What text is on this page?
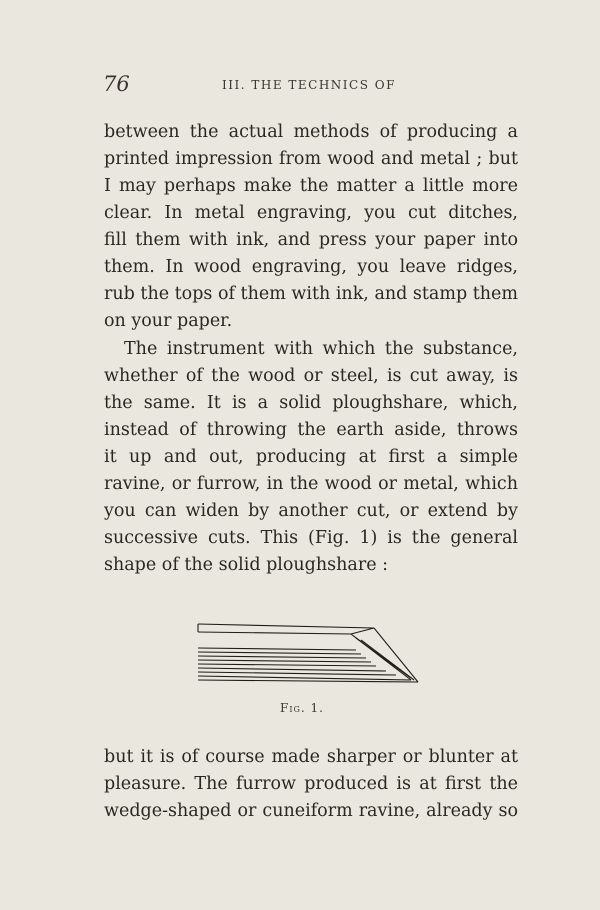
76	III. THE TECHNICS OF
between the actual methods of producing a
printed impression from wood and metal ; but
I may perhaps make the matter a little more
clear. In metal engraving, you cut ditches,
fill them with ink, and press your paper into
them. In wood engraving, you leave ridges,
rub the tops of them with ink, and stamp them
on your paper.
The instrument with which the substance,
whether of the wood or steel, is cut away, is
the same. It is a solid ploughshare, which,
instead of throwing the earth aside, throws
it up and out, producing at first a simple
ravine, or furrow, in the wood or metal, which
you can widen by another cut, or extend by
successive cuts. This (Fig. 1) is the general
shape of the solid ploughshare :
Fig. 1.
but it is of course made sharper or blunter at
pleasure. The furrow produced is at first the
wedge-shaped or cuneiform ravine, already so
